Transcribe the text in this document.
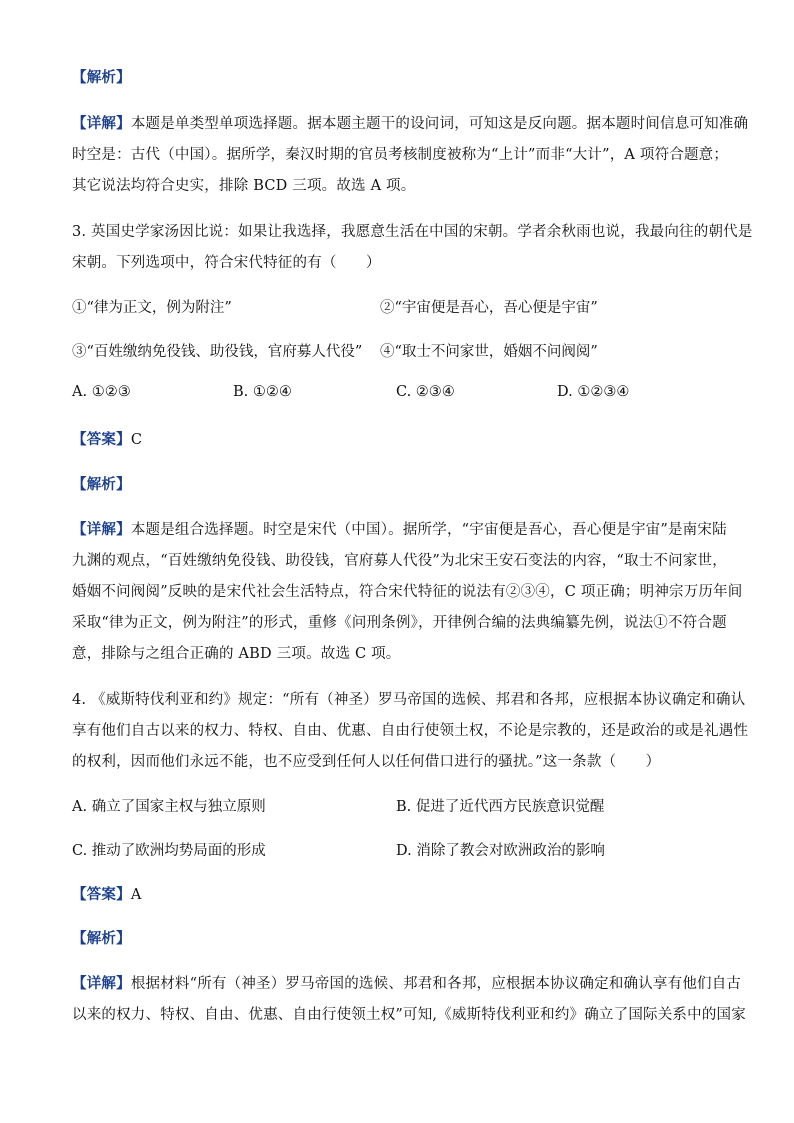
【解析】
【详解】本题是单类型单项选择题。据本题主题干的设问词，可知这是反向题。据本题时间信息可知准确
时空是：古代（中国）。据所学，秦汉时期的官员考核制度被称为“上计”而非“大计”，A 项符合题意；
其它说法均符合史实，排除 BCD 三项。故选 A 项。
3. 英国史学家汤因比说：如果让我选择，我愿意生活在中国的宋朝。学者余秋雨也说，我最向往的朝代是
宋朝。下列选项中，符合宋代特征的有（　　）
①“律为正文，例为附注”	②“宇宙便是吾心，吾心便是宇宙”
③“百姓缴纳免役钱、助役钱，官府募人代役” ④“取士不问家世，婚姻不问阀阅”
A. ①②③	B. ①②④	C. ②③④	D. ①②③④
【答案】C
【解析】
【详解】本题是组合选择题。时空是宋代（中国）。据所学，“宇宙便是吾心，吾心便是宇宙”是南宋陆
九渊的观点，“百姓缴纳免役钱、助役钱，官府募人代役”为北宋王安石变法的内容，“取士不问家世，
婚姻不问阀阅”反映的是宋代社会生活特点，符合宋代特征的说法有②③④，C 项正确；明神宗万历年间
采取“律为正文，例为附注”的形式，重修《问刑条例》，开律例合编的法典编纂先例，说法①不符合题
意，排除与之组合正确的 ABD 三项。故选 C 项。
4. 《威斯特伐利亚和约》规定：“所有（神圣）罗马帝国的选候、邦君和各邦，应根据本协议确定和确认
享有他们自古以来的权力、特权、自由、优惠、自由行使领土权，不论是宗教的，还是政治的或是礼遇性
的权利，因而他们永远不能，也不应受到任何人以任何借口进行的骚扰。”这一条款（　　）
A. 确立了国家主权与独立原则	B. 促进了近代西方民族意识觉醒
C. 推动了欧洲均势局面的形成	D. 消除了教会对欧洲政治的影响
【答案】A
【解析】
【详解】根据材料“所有（神圣）罗马帝国的选候、邦君和各邦，应根据本协议确定和确认享有他们自古
以来的权力、特权、自由、优惠、自由行使领土权”可知,《威斯特伐利亚和约》确立了国际关系中的国家
